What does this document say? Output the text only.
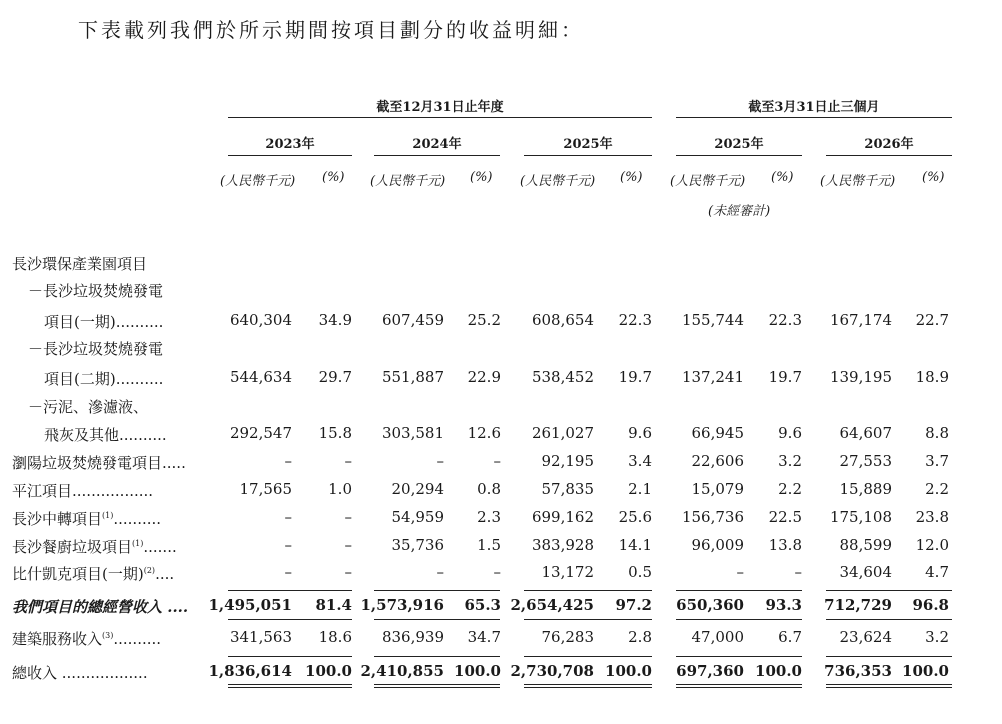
下表載列我們於所示期間按項目劃分的收益明細：
截至12月31日止年度	截至3月31日止三個月
2023年	2024年	2025年	2025年	2026年
(人民幣千元) (%) (人民幣千元) (%) (人民幣千元) (%) (人民幣千元) (%) (人民幣千元) (%)
(未經審計)
長沙環保產業園項目
－長沙垃圾焚燒發電
項目(一期)..........	640,304 34.9 607,459 25.2 608,654 22.3 155,744 22.3 167,174 22.7
－長沙垃圾焚燒發電
項目(二期)..........	544,634 29.7 551,887 22.9 538,452 19.7 137,241 19.7 139,195 18.9
－污泥、滲濾液、
飛灰及其他..........	292,547 15.8 303,581 12.6 261,027 9.6	66,945 9.6	64,607 8.8
瀏陽垃圾焚燒發電項目.....	–	–	–	–	92,195 3.4	22,606 3.2	27,553 3.7
平江項目.................	17,565 1.0	20,294 0.8	57,835 2.1	15,079 2.2	15,889 2.2
長沙中轉項目$^{(1)}$..........	–	–	54,959 2.3 699,162 25.6 156,736 22.5 175,108 23.8
長沙餐廚垃圾項目$^{(1)}$.......	–	–	35,736 1.5 383,928 14.1	96,009 13.8	88,599 12.0
比什凱克項目(一期)$^{(2)}$....	–	–	–	–	13,172 0.5	–	–	34,604 4.7
我們項目的總經營收入 .... 1,495,051 81.4 1,573,916 65.3 2,654,425 97.2 650,360 93.3 712,729 96.8
建築服務收入$^{(3)}$..........	341,563 18.6 836,939 34.7	76,283 2.8	47,000 6.7	23,624 3.2
總收入 ..................	1,836,614 100.0 2,410,855 100.0 2,730,708 100.0 697,360 100.0 736,353 100.0
